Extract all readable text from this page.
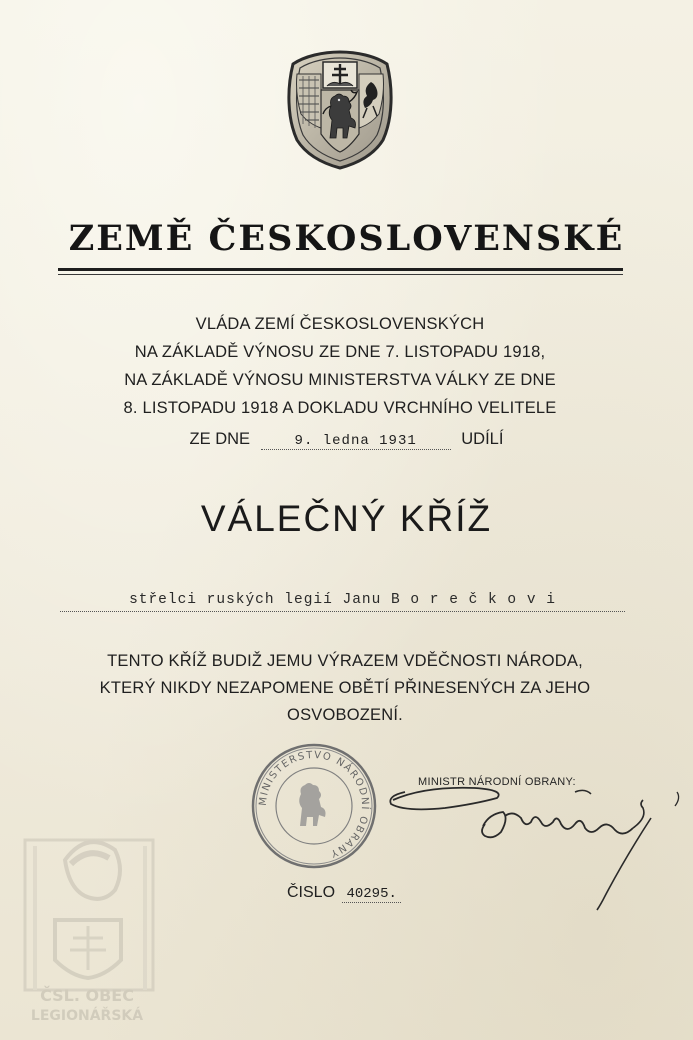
ZEMĚ ČESKOSLOVENSKÉ
VLÁDA ZEMÍ ČESKOSLOVENSKÝCH
NA ZÁKLADĚ VÝNOSU ZE DNE 7. LISTOPADU 1918,
NA ZÁKLADĚ VÝNOSU MINISTERSTVA VÁLKY ZE DNE
8. LISTOPADU 1918 A DOKLADU VRCHNÍHO VELITELE
ZE DNE	9. ledna 1931	UDÍLÍ
VÁLEČNÝ KŘÍŽ
střelci ruských legií Janu B o r e č k o v i
TENTO KŘÍŽ BUDIŽ JEMU VÝRAZEM VDĚČNOSTI NÁRODA,
KTERÝ NIKDY NEZAPOMENE OBĚTÍ PŘINESENÝCH ZA JEHO
OSVOBOZENÍ.
MINISTERSTVO NÁRODNÍ OBRANY
MINISTR NÁRODNÍ OBRANY:
ČISLO 40295.
ČSL. OBEC
LEGIONÁŘSKÁ
